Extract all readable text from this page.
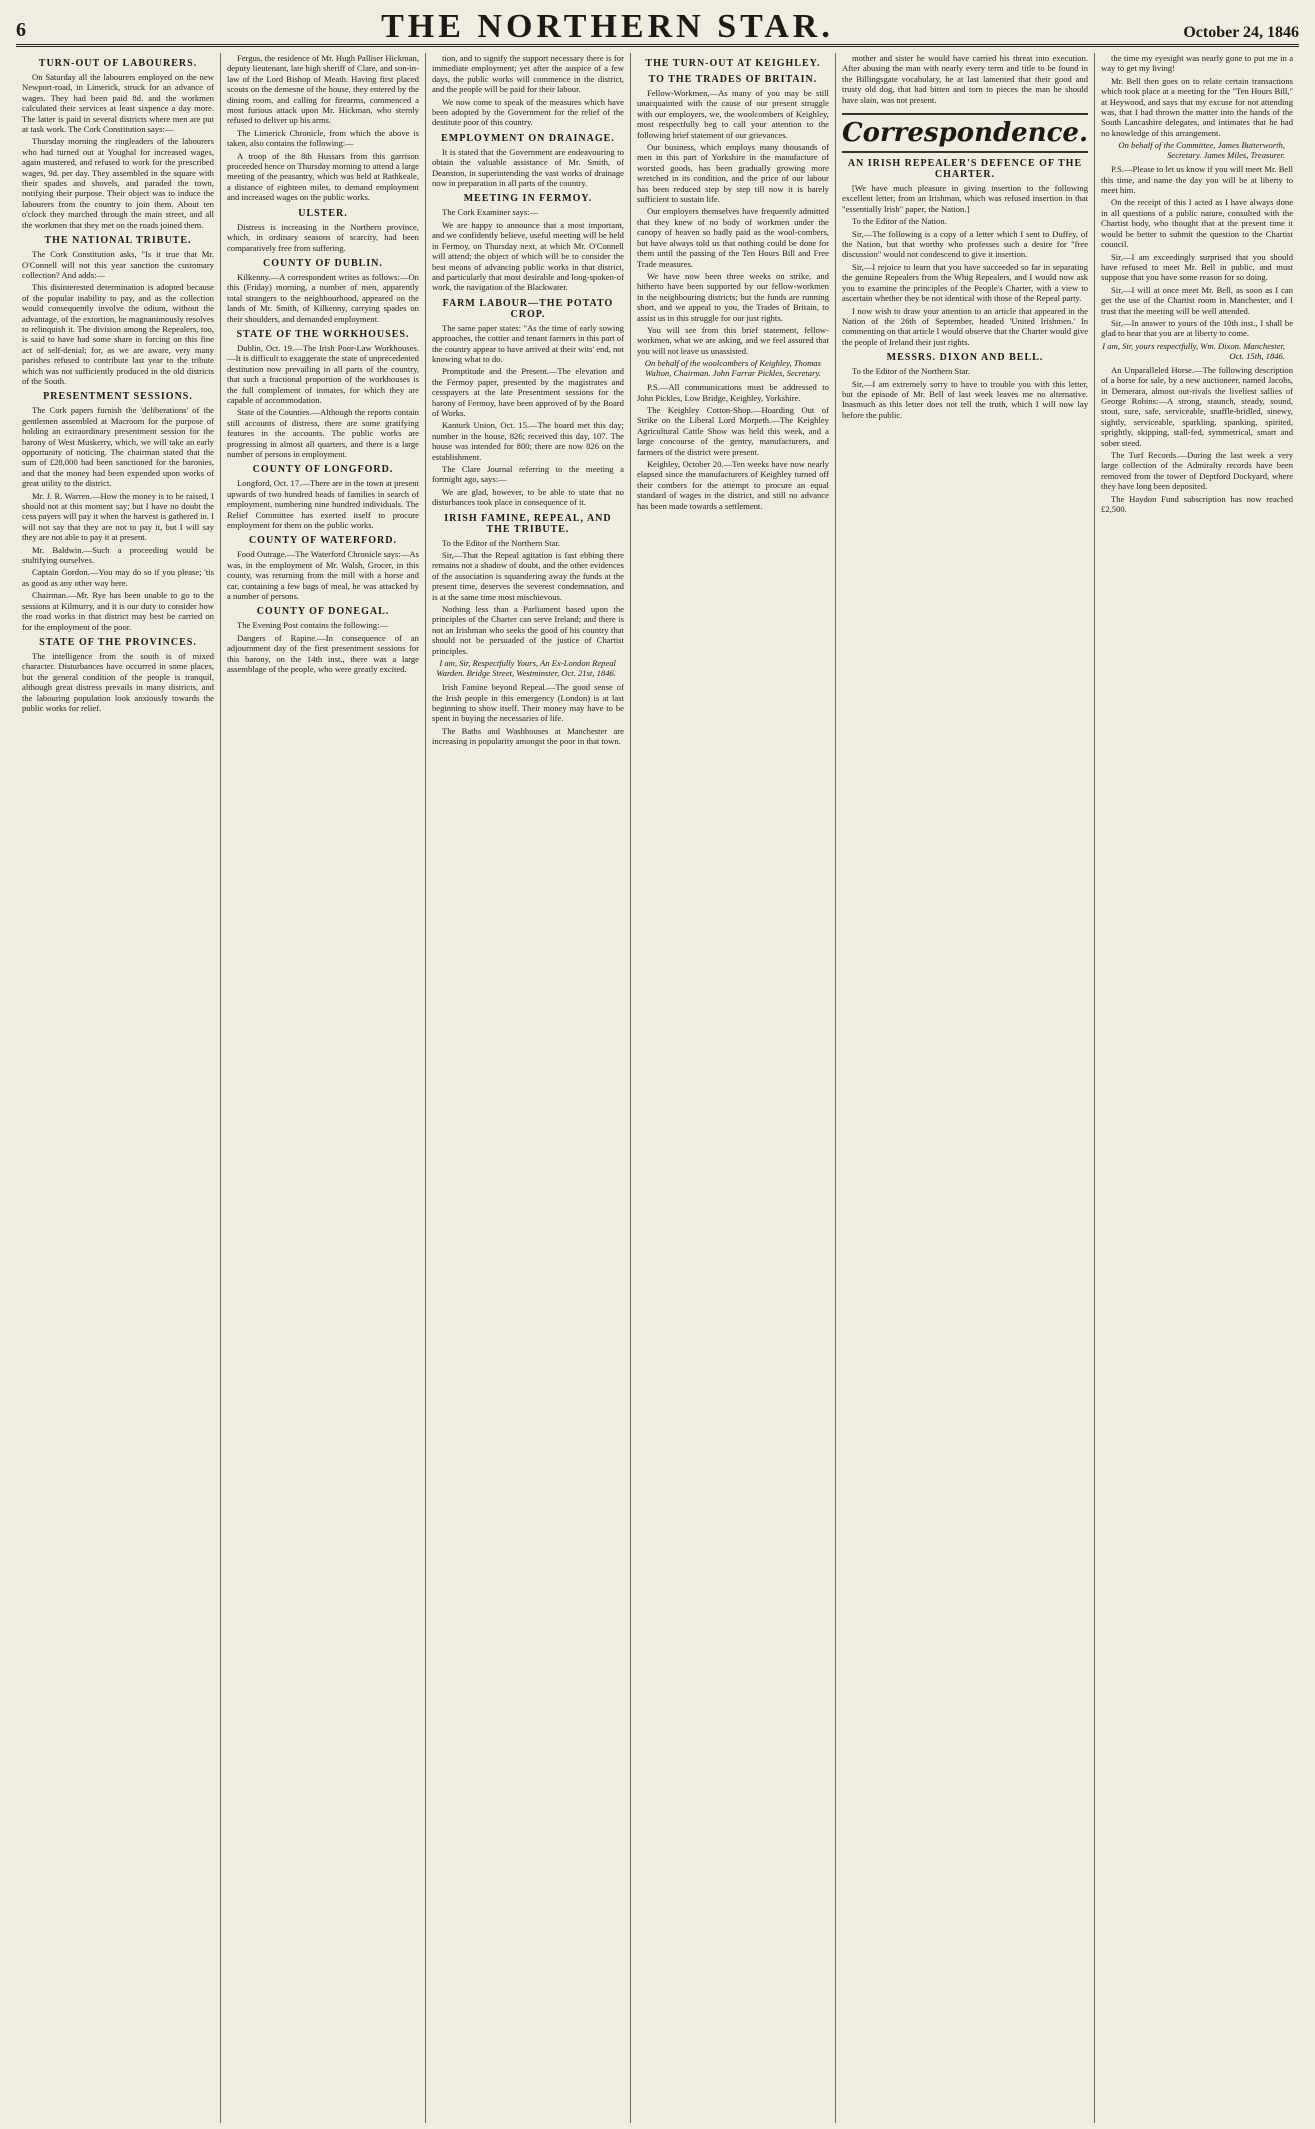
6	THE NORTHERN STAR.	October 24, 1846
TURN-OUT OF LABOURERS.

On Saturday all the labourers employed on the new Newport-road, in Limerick, struck for an advance of wages. They had been paid 8d. and the workmen calculated their services at least sixpence a day more. The latter is paid in several districts where men are put at task work. The Cork Constitution says:—

Thursday morning the ringleaders of the labourers who had turned out at Youghal for increased wages, again mustered, and refused to work for the prescribed wages, 9d. per day. They assembled in the square with their spades and shovels, and paraded the town, notifying their purpose. Their object was to induce the labourers from the country to join them. About ten o'clock they marched through the main street, and all the workmen that they met on the roads joined them.

THE NATIONAL TRIBUTE.

The Cork Constitution asks, "Is it true that Mr. O'Connell will not this year sanction the customary collection? And adds:—

This disinterested determination is adopted because of the popular inability to pay, and as the collection would consequently involve the odium, without the advantage, of the extortion, he magnanimously resolves to relinquish it. The division among the Repealers, too, is said to have had some share in forcing on this fine act of self-denial; for, as we are aware, very many parishes refused to contribute last year to the tribute which was not sufficiently produced in the old districts of the South.

PRESENTMENT SESSIONS.

The Cork papers furnish the 'deliberations' of the gentlemen assembled at Macroom for the purpose of holding an extraordinary presentment session for the barony of West Muskerry, which, we will take an early opportunity of noticing. The chairman stated that the sum of £28,000 had been sanctioned for the baronies, and that the money had been expended upon works of great utility to the district.

Mr. J. R. Warren.—How the money is to be raised, I should not at this moment say; but I have no doubt the cess payers will pay it when the harvest is gathered in. I will not say that they are not to pay it, but I will say they are not able to pay it at present.

Mr. Baldwin.—Such a proceeding would be stultifying ourselves.

Captain Gordon.—You may do so if you please; 'tis as good as any other way here.

Chairman.—Mr. Rye has been unable to go to the sessions at Kilmurry, and it is our duty to consider how the road works in that district may best be carried on for the employment of the poor.

STATE OF THE PROVINCES.

The intelligence from the south is of mixed character. Disturbances have occurred in some places, but the general condition of the people is tranquil, although great distress prevails in many districts, and the labouring population look anxiously towards the public works for relief.

Fergus, the residence of Mr. Hugh Palliser Hickman, deputy lieutenant, late high sheriff of Clare, and son-in-law of the Lord Bishop of Meath. Having first placed scouts on the demesne of the house, they entered by the dining room, and calling for firearms, commenced a most furious attack upon Mr. Hickman, who sternly refused to deliver up his arms.

The Limerick Chronicle, from which the above is taken, also contains the following:—

A troop of the 8th Hussars from this garrison proceeded hence on Thursday morning to attend a large meeting of the peasantry, which was held at Rathkeale, a distance of eighteen miles, to demand employment and increased wages on the public works.

ULSTER.

Distress is increasing in the Northern province, which, in ordinary seasons of scarcity, had been comparatively free from suffering.

COUNTY OF DUBLIN.

Kilkenny.—A correspondent writes as follows:—On this (Friday) morning, a number of men, apparently total strangers to the neighbourhood, appeared on the lands of Mr. Smith, of Kilkenny, carrying spades on their shoulders, and demanded employment.

STATE OF THE WORKHOUSES.

Dublin, Oct. 19.—The Irish Poor-Law Workhouses.—It is difficult to exaggerate the state of unprecedented destitution now prevailing in all parts of the country, that such a fractional proportion of the workhouses is the full complement of inmates, for which they are capable of accommodation.

State of the Counties.—Although the reports contain still accounts of distress, there are some gratifying features in the accounts. The public works are progressing in almost all quarters, and there is a large number of persons in employment.

COUNTY OF LONGFORD.

Longford, Oct. 17.—There are in the town at present upwards of two hundred heads of families in search of employment, numbering nine hundred individuals. The Relief Committee has exerted itself to procure employment for them on the public works.

COUNTY OF WATERFORD.

Food Outrage.—The Waterford Chronicle says:—As was, in the employment of Mr. Walsh, Grocer, in this county, was returning from the mill with a horse and car, containing a few bags of meal, he was attacked by a number of persons.

COUNTY OF DONEGAL.

The Evening Post contains the following:—

Dangers of Rapine.—In consequence of an adjournment day of the first presentment sessions for this barony, on the 14th inst., there was a large assemblage of the people, who were greatly excited.

tion, and to signify the support necessary there is for immediate employment; yet after the auspice of a few days, the public works will commence in the district, and the people will be paid for their labour.

We now come to speak of the measures which have been adopted by the Government for the relief of the destitute poor of this country.

EMPLOYMENT ON DRAINAGE.

It is stated that the Government are endeavouring to obtain the valuable assistance of Mr. Smith, of Deanston, in superintending the vast works of drainage now in preparation in all parts of the country.

MEETING IN FERMOY.

The Cork Examiner says:—

We are happy to announce that a most important, and we confidently believe, useful meeting will be held in Fermoy, on Thursday next, at which Mr. O'Connell will attend; the object of which will be to consider the best means of advancing public works in that district, and particularly that most desirable and long-spoken-of work, the navigation of the Blackwater.

FARM LABOUR—THE POTATO CROP.

The same paper states: "As the time of early sowing approaches, the cottier and tenant farmers in this part of the country appear to have arrived at their wits' end, not knowing what to do.

Promptitude and the Present.—The elevation and the Fermoy paper, presented by the magistrates and cesspayers at the late Presentment sessions for the barony of Fermoy, have been approved of by the Board of Works.

Kanturk Union, Oct. 15.—The board met this day; number in the house, 826; received this day, 107. The house was intended for 800; there are now 826 on the establishment.

The Clare Journal referring to the meeting a fortnight ago, says:—

We are glad, however, to be able to state that no disturbances took place in consequence of it.

IRISH FAMINE, REPEAL, AND THE TRIBUTE.

To the Editor of the Northern Star.

Sir,—That the Repeal agitation is fast ebbing there remains not a shadow of doubt, and the other evidences of the association is squandering away the funds at the present time, deserves the severest condemnation, and is at the same time most mischievous.

Nothing less than a Parliament based upon the principles of the Charter can serve Ireland; and there is not an Irishman who seeks the good of his country that should not be persuaded of the justice of Chartist principles.

I am, Sir, Respectfully Yours, An Ex-London Repeal Warden. Bridge Street, Westminster, Oct. 21st, 1846.

Irish Famine beyond Repeal.—The good sense of the Irish people in this emergency (London) is at last beginning to show itself. Their money may have to be spent in buying the necessaries of life.

The Baths and Washhouses at Manchester are increasing in popularity amongst the poor in that town.

THE TURN-OUT AT KEIGHLEY.
TO THE TRADES OF BRITAIN.

Fellow-Workmen,—As many of you may be still unacquainted with the cause of our present struggle with our employers, we, the woolcombers of Keighley, most respectfully beg to call your attention to the following brief statement of our grievances.

Our business, which employs many thousands of men in this part of Yorkshire in the manufacture of worsted goods, has been gradually growing more wretched in its condition, and the price of our labour has been reduced step by step till now it is barely sufficient to sustain life.

Our employers themselves have frequently admitted that they knew of no body of workmen under the canopy of heaven so badly paid as the wool-combers, but have always told us that nothing could be done for them until the passing of the Ten Hours Bill and Free Trade measures.

We have now been three weeks on strike, and hitherto have been supported by our fellow-workmen in the neighbouring districts; but the funds are running short, and we appeal to you, the Trades of Britain, to assist us in this struggle for our just rights.

You will see from this brief statement, fellow-workmen, what we are asking, and we feel assured that you will not leave us unassisted.

On behalf of the woolcombers of Keighley, Thomas Walton, Chairman. John Farrar Pickles, Secretary.

P.S.—All communications must be addressed to John Pickles, Low Bridge, Keighley, Yorkshire.

The Keighley Cotton-Shop.—Hoarding Out of Strike on the Liberal Lord Morpeth.—The Keighley Agricultural Cattle Show was held this week, and a large concourse of the gentry, manufacturers, and farmers of the district were present.

Keighley, October 20.—Ten weeks have now nearly elapsed since the manufacturers of Keighley turned off their combers for the attempt to procure an equal standard of wages in the district, and still no advance has been made towards a settlement.

mother and sister he would have carried his threat into execution. After abusing the man with nearly every term and title to be found in the Billingsgate vocabulary, he at last lamented that their good and trusty old dog, that had bitten and torn to pieces the man he should have slain, was not present.

Correspondence.
AN IRISH REPEALER'S DEFENCE OF THE CHARTER.

[We have much pleasure in giving insertion to the following excellent letter, from an Irishman, which was refused insertion in that "essentially Irish" paper, the Nation.]

To the Editor of the Nation.

Sir,—The following is a copy of a letter which I sent to Duffey, of the Nation, but that worthy who professes such a desire for "free discussion" would not condescend to give it insertion.

Sir,—I rejoice to learn that you have succeeded so far in separating the genuine Repealers from the Whig Repealers, and I would now ask you to examine the principles of the People's Charter, with a view to ascertain whether they be not identical with those of the Repeal party.

I now wish to draw your attention to an article that appeared in the Nation of the 26th of September, headed 'United Irishmen.' In commenting on that article I would observe that the Charter would give the people of Ireland their just rights.

MESSRS. DIXON AND BELL.

To the Editor of the Northern Star.

Sir,—I am extremely sorry to have to trouble you with this letter, but the episode of Mr. Bell of last week leaves me no alternative. Inasmuch as this letter does not tell the truth, which I will now lay before the public.

the time my eyesight was nearly gone to put me in a way to get my living!

Mr. Bell then goes on to relate certain transactions which took place at a meeting for the "Ten Hours Bill," at Heywood, and says that my excuse for not attending was, that I had thrown the matter into the hands of the South Lancashire delegates, and intimates that he had no knowledge of this arrangement.

On behalf of the Committee, James Butterworth, Secretary. James Miles, Treasurer.

P.S.—Please to let us know if you will meet Mr. Bell this time, and name the day you will be at liberty to meet him.

On the receipt of this I acted as I have always done in all questions of a public nature, consulted with the Chartist body, who thought that at the present time it would be better to submit the question to the Chartist council.

Sir,—I am exceedingly surprised that you should have refused to meet Mr. Bell in public, and must suppose that you have some reason for so doing.

Sir,—I will at once meet Mr. Bell, as soon as I can get the use of the Chartist room in Manchester, and I trust that the meeting will be well attended.

Sir,—In answer to yours of the 10th inst., I shall be glad to hear that you are at liberty to come.

I am, Sir, yours respectfully, Wm. Dixon. Manchester, Oct. 15th, 1846.

An Unparalleled Horse.—The following description of a horse for sale, by a new auctioneer, named Jacobs, in Demerara, almost out-rivals the liveliest sallies of George Robins:—A strong, staunch, steady, sound, stout, sure, safe, serviceable, snaffle-bridled, sinewy, sightly, serviceable, sparkling, spanking, spirited, sprightly, skipping, stall-fed, symmetrical, smart and sober steed.

The Turf Records.—During the last week a very large collection of the Admiralty records have been removed from the tower of Deptford Dockyard, where they have long been deposited.

The Haydon Fund subscription has now reached £2,500.
